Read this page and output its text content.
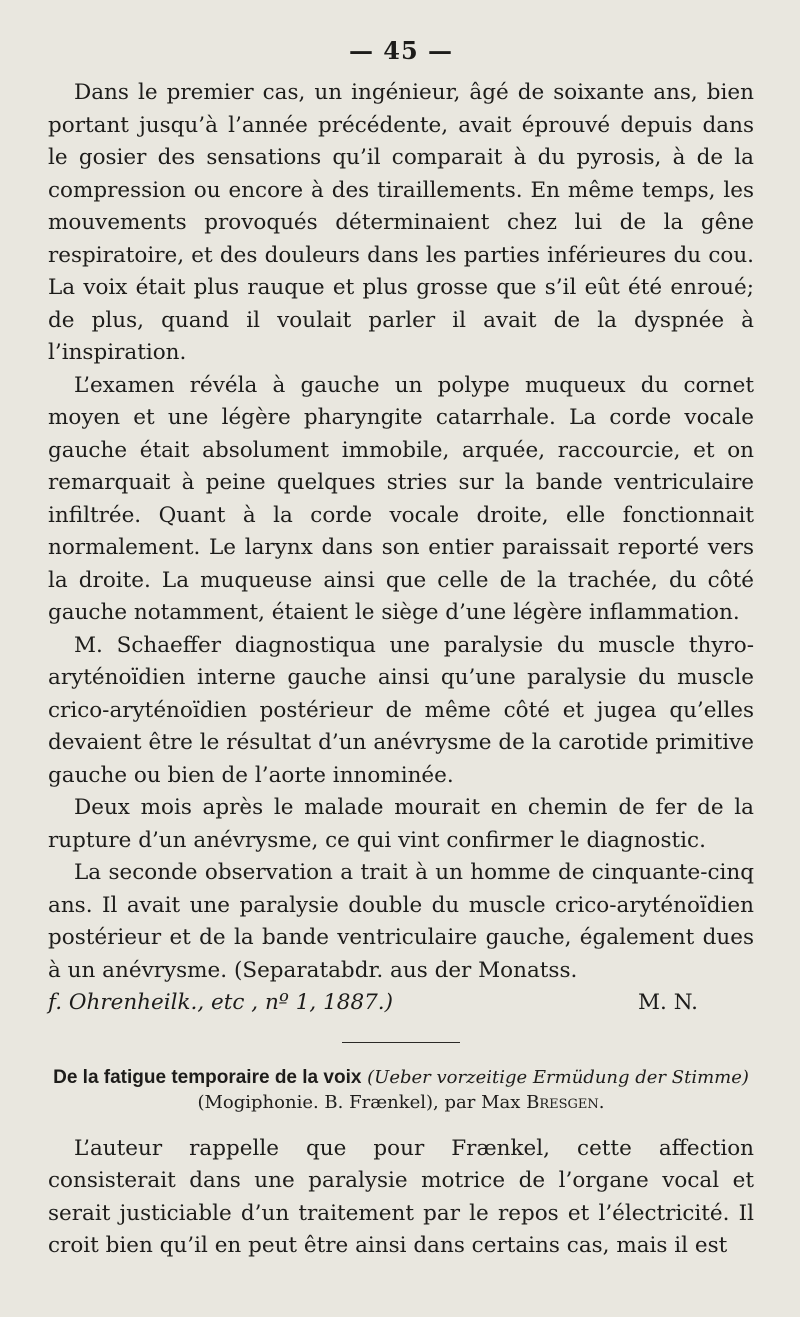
— 45 —

Dans le premier cas, un ingénieur, âgé de soixante ans, bien portant jusqu’à l’année précédente, avait éprouvé depuis dans le gosier des sensations qu’il comparait à du pyrosis, à de la compression ou encore à des tiraillements. En même temps, les mouvements provoqués déterminaient chez lui de la gêne respiratoire, et des douleurs dans les parties inférieures du cou. La voix était plus rauque et plus grosse que s’il eût été enroué; de plus, quand il voulait parler il avait de la dyspnée à l’inspiration.

L’examen révéla à gauche un polype muqueux du cornet moyen et une légère pharyngite catarrhale. La corde vocale gauche était absolument immobile, arquée, raccourcie, et on remarquait à peine quelques stries sur la bande ventriculaire infiltrée. Quant à la corde vocale droite, elle fonctionnait normalement. Le larynx dans son entier paraissait reporté vers la droite. La muqueuse ainsi que celle de la trachée, du côté gauche notamment, étaient le siège d’une légère inflammation.

M. Schaeffer diagnostiqua une paralysie du muscle thyro-aryténoïdien interne gauche ainsi qu’une paralysie du muscle crico-aryténoïdien postérieur de même côté et jugea qu’elles devaient être le résultat d’un anévrysme de la carotide primitive gauche ou bien de l’aorte innominée.

Deux mois après le malade mourait en chemin de fer de la rupture d’un anévrysme, ce qui vint confirmer le diagnostic.

La seconde observation a trait à un homme de cinquante-cinq ans. Il avait une paralysie double du muscle crico-aryténoïdien postérieur et de la bande ventriculaire gauche, également dues à un anévrysme. (Separatabdr. aus der Monatss.

f. Ohrenheilk., etc , nº 1, 1887.)	M. N.
De la fatigue temporaire de la voix (Ueber vorzeitige Ermüdung der Stimme) (Mogiphonie. B. Frænkel), par Max Bresgen.

L’auteur rappelle que pour Frænkel, cette affection consisterait dans une paralysie motrice de l’organe vocal et serait justiciable d’un traitement par le repos et l’électricité. Il croit bien qu’il en peut être ainsi dans certains cas, mais il est
